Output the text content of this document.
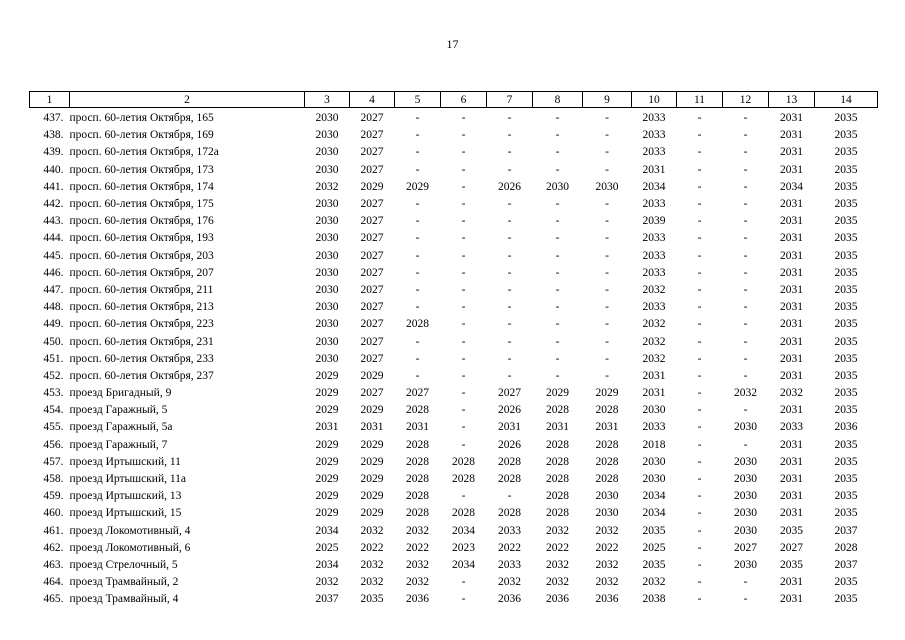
17
1	2	3	4	5	6	7	8	9	10	11	12	13	14
437.	просп. 60-летия Октября, 165	2030	2027	-	-	-	-	-	2033	-	-	2031	2035
438.	просп. 60-летия Октября, 169	2030	2027	-	-	-	-	-	2033	-	-	2031	2035
439.	просп. 60-летия Октября, 172а	2030	2027	-	-	-	-	-	2033	-	-	2031	2035
440.	просп. 60-летия Октября, 173	2030	2027	-	-	-	-	-	2031	-	-	2031	2035
441.	просп. 60-летия Октября, 174	2032	2029	2029	-	2026	2030	2030	2034	-	-	2034	2035
442.	просп. 60-летия Октября, 175	2030	2027	-	-	-	-	-	2033	-	-	2031	2035
443.	просп. 60-летия Октября, 176	2030	2027	-	-	-	-	-	2039	-	-	2031	2035
444.	просп. 60-летия Октября, 193	2030	2027	-	-	-	-	-	2033	-	-	2031	2035
445.	просп. 60-летия Октября, 203	2030	2027	-	-	-	-	-	2033	-	-	2031	2035
446.	просп. 60-летия Октября, 207	2030	2027	-	-	-	-	-	2033	-	-	2031	2035
447.	просп. 60-летия Октября, 211	2030	2027	-	-	-	-	-	2032	-	-	2031	2035
448.	просп. 60-летия Октября, 213	2030	2027	-	-	-	-	-	2033	-	-	2031	2035
449.	просп. 60-летия Октября, 223	2030	2027	2028	-	-	-	-	2032	-	-	2031	2035
450.	просп. 60-летия Октября, 231	2030	2027	-	-	-	-	-	2032	-	-	2031	2035
451.	просп. 60-летия Октября, 233	2030	2027	-	-	-	-	-	2032	-	-	2031	2035
452.	просп. 60-летия Октября, 237	2029	2029	-	-	-	-	-	2031	-	-	2031	2035
453.	проезд Бригадный, 9	2029	2027	2027	-	2027	2029	2029	2031	-	2032	2032	2035
454.	проезд Гаражный, 5	2029	2029	2028	-	2026	2028	2028	2030	-	-	2031	2035
455.	проезд Гаражный, 5а	2031	2031	2031	-	2031	2031	2031	2033	-	2030	2033	2036
456.	проезд Гаражный, 7	2029	2029	2028	-	2026	2028	2028	2018	-	-	2031	2035
457.	проезд Иртышский, 11	2029	2029	2028	2028	2028	2028	2028	2030	-	2030	2031	2035
458.	проезд Иртышский, 11а	2029	2029	2028	2028	2028	2028	2028	2030	-	2030	2031	2035
459.	проезд Иртышский, 13	2029	2029	2028	-	-	2028	2030	2034	-	2030	2031	2035
460.	проезд Иртышский, 15	2029	2029	2028	2028	2028	2028	2030	2034	-	2030	2031	2035
461.	проезд Локомотивный, 4	2034	2032	2032	2034	2033	2032	2032	2035	-	2030	2035	2037
462.	проезд Локомотивный, 6	2025	2022	2022	2023	2022	2022	2022	2025	-	2027	2027	2028
463.	проезд Стрелочный, 5	2034	2032	2032	2034	2033	2032	2032	2035	-	2030	2035	2037
464.	проезд Трамвайный, 2	2032	2032	2032	-	2032	2032	2032	2032	-	-	2031	2035
465.	проезд Трамвайный, 4	2037	2035	2036	-	2036	2036	2036	2038	-	-	2031	2035
